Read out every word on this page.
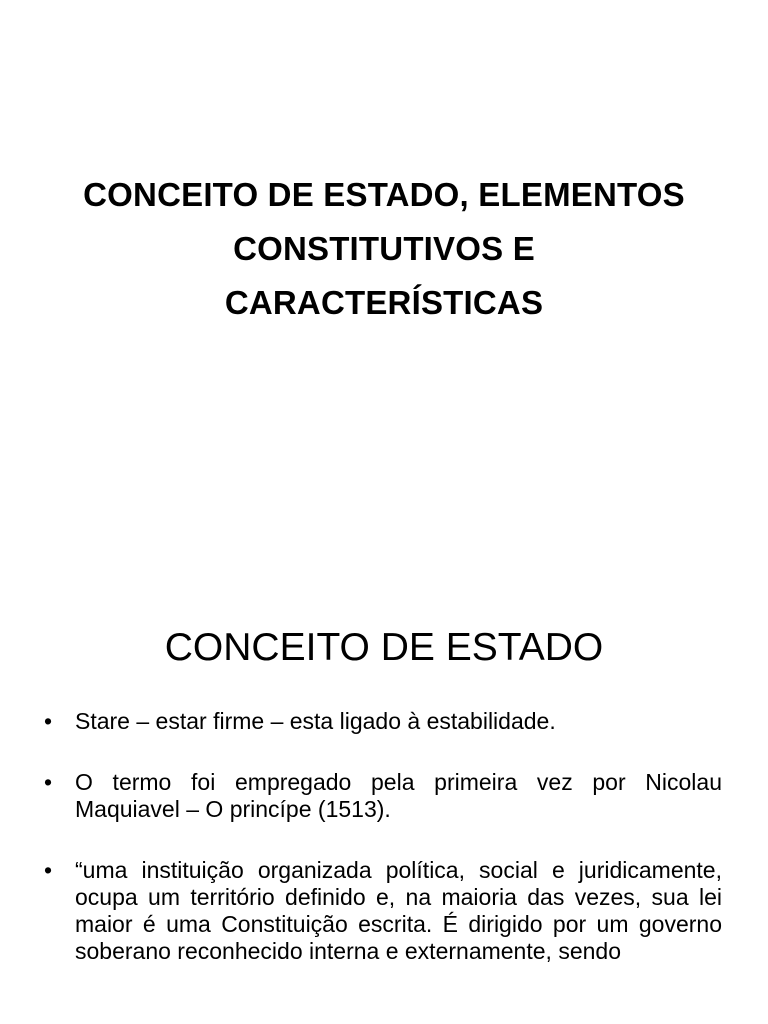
CONCEITO DE ESTADO, ELEMENTOS
CONSTITUTIVOS E
CARACTERÍSTICAS
CONCEITO DE ESTADO
• Stare – estar firme – esta ligado à estabilidade.
• O termo foi empregado pela primeira vez por Nicolau Maquiavel – O princípe (1513).
• “uma instituição organizada política, social e juridicamente, ocupa um território definido e, na maioria das vezes, sua lei maior é uma Constituição escrita. É dirigido por um governo soberano reconhecido interna e externamente, sendo
